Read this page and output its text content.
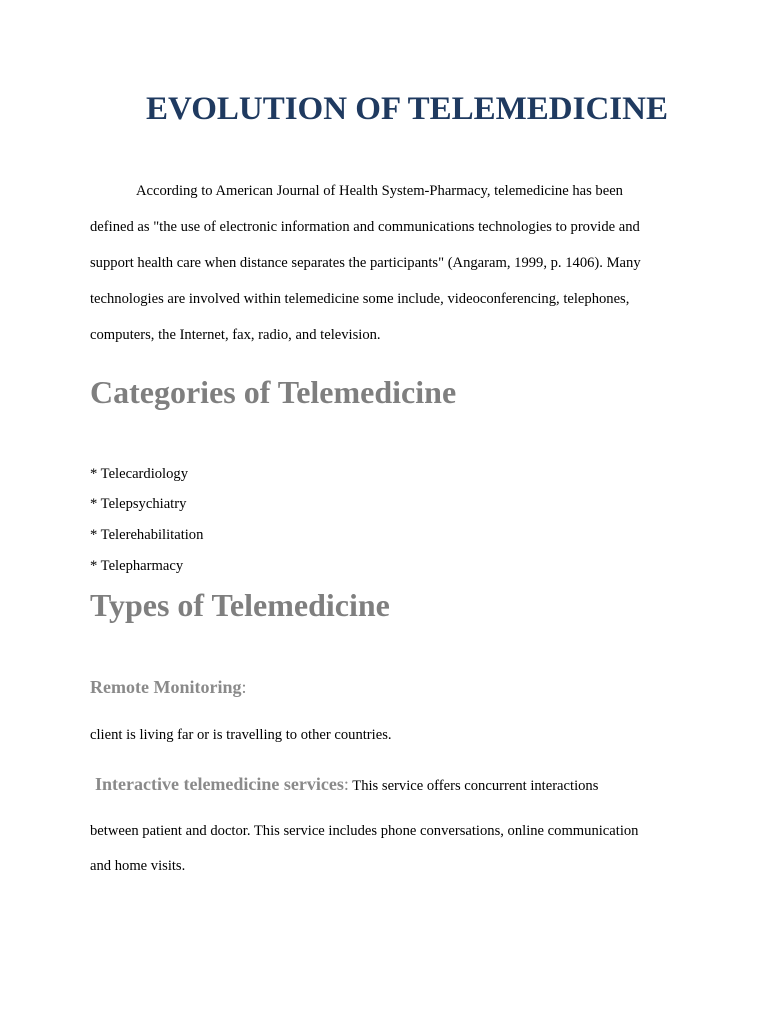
EVOLUTION OF TELEMEDICINE
According to American Journal of Health System-Pharmacy, telemedicine has been
defined as "the use of electronic information and communications technologies to provide and
support health care when distance separates the participants" (Angaram, 1999, p. 1406). Many
technologies are involved within telemedicine some include, videoconferencing, telephones,
computers, the Internet, fax, radio, and television.
Categories of Telemedicine
* Telecardiology
* Telepsychiatry
* Telerehabilitation
* Telepharmacy
Types of Telemedicine
Remote Monitoring:
client is living far or is travelling to other countries.
Interactive telemedicine services: This service offers concurrent interactions
between patient and doctor. This service includes phone conversations, online communication
and home visits.
